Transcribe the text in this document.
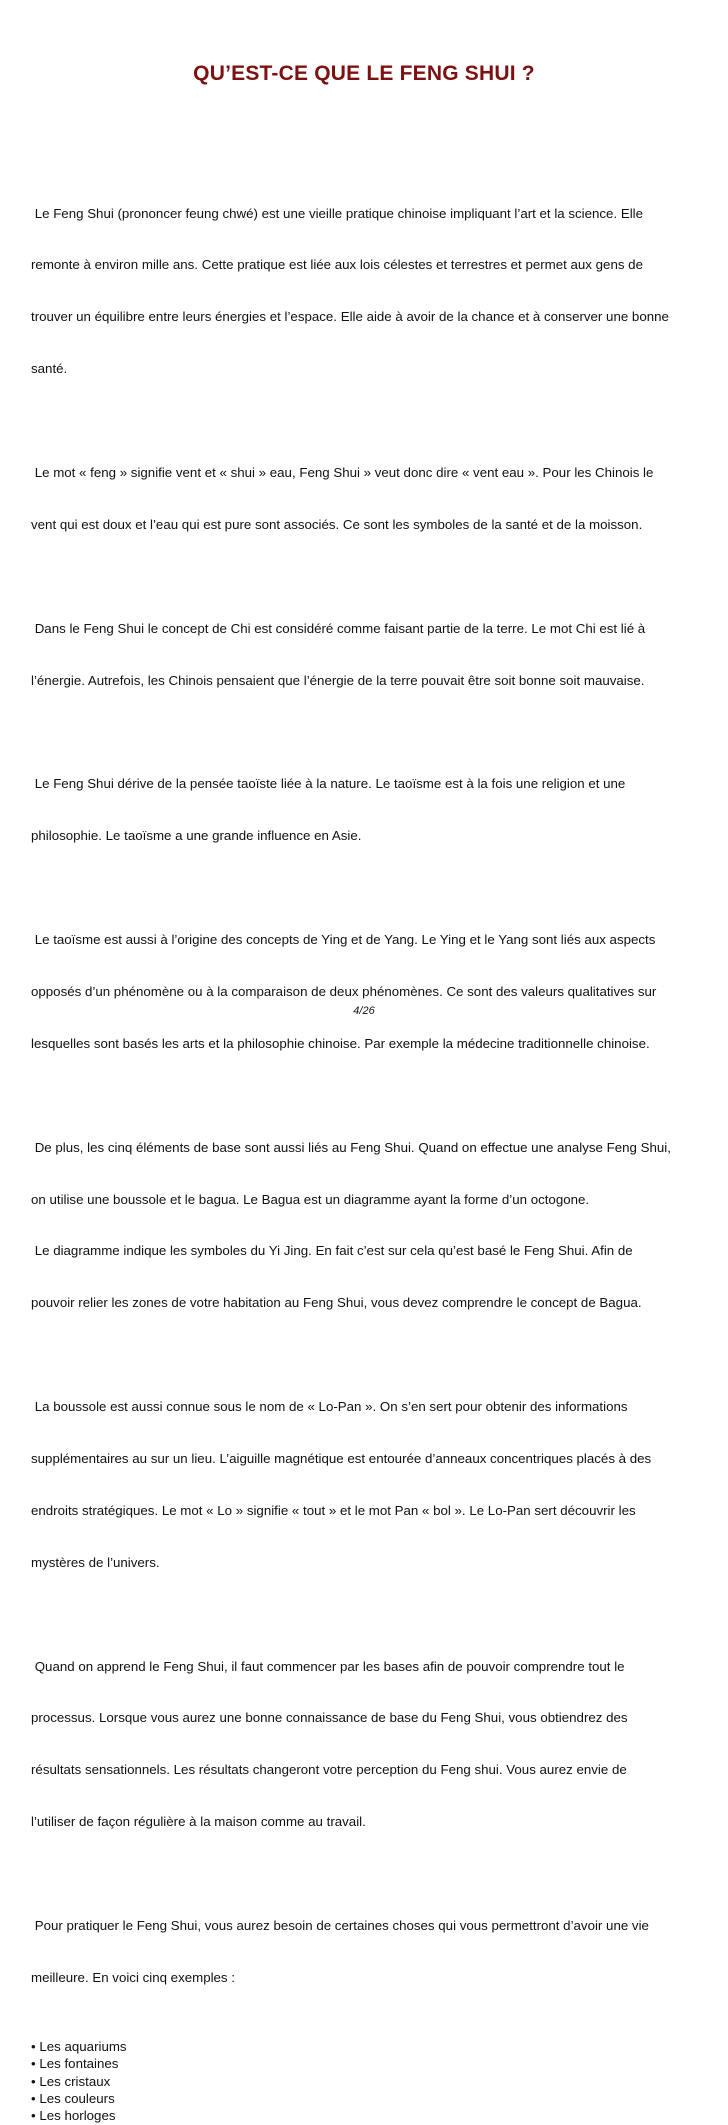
QU’EST-CE QUE LE FENG SHUI ?

Le Feng Shui (prononcer feung chwé) est une vieille pratique chinoise impliquant l’art et la science. Elle

remonte à environ mille ans. Cette pratique est liée aux lois célestes et terrestres et permet aux gens de

trouver un équilibre entre leurs énergies et l’espace. Elle aide à avoir de la chance et à conserver une bonne

santé.

Le mot « feng » signifie vent et « shui » eau, Feng Shui » veut donc dire « vent eau ». Pour les Chinois le

vent qui est doux et l’eau qui est pure sont associés. Ce sont les symboles de la santé et de la moisson.

Dans le Feng Shui le concept de Chi est considéré comme faisant partie de la terre. Le mot Chi est lié à

l’énergie. Autrefois, les Chinois pensaient que l’énergie de la terre pouvait être soit bonne soit mauvaise.

Le Feng Shui dérive de la pensée taoïste liée à la nature. Le taoïsme est à la fois une religion et une

philosophie. Le taoïsme a une grande influence en Asie.

Le taoïsme est aussi à l’origine des concepts de Ying et de Yang. Le Ying et le Yang sont liés aux aspects

opposés d’un phénomène ou à la comparaison de deux phénomènes. Ce sont des valeurs qualitatives sur

lesquelles sont basés les arts et la philosophie chinoise. Par exemple la médecine traditionnelle chinoise.

De plus, les cinq éléments de base sont aussi liés au Feng Shui. Quand on effectue une analyse Feng Shui,

on utilise une boussole et le bagua. Le Bagua est un diagramme ayant la forme d’un octogone.

Le diagramme indique les symboles du Yi Jing. En fait c’est sur cela qu’est basé le Feng Shui. Afin de

pouvoir relier les zones de votre habitation au Feng Shui, vous devez comprendre le concept de Bagua.

La boussole est aussi connue sous le nom de « Lo-Pan ». On s’en sert pour obtenir des informations

supplémentaires au sur un lieu. L’aiguille magnétique est entourée d’anneaux concentriques placés à des

endroits stratégiques. Le mot « Lo » signifie « tout » et le mot Pan « bol ». Le Lo-Pan sert découvrir les

mystères de l’univers.

Quand on apprend le Feng Shui, il faut commencer par les bases afin de pouvoir comprendre tout le

processus. Lorsque vous aurez une bonne connaissance de base du Feng Shui, vous obtiendrez des

résultats sensationnels. Les résultats changeront votre perception du Feng shui. Vous aurez envie de

l’utiliser de façon régulière à la maison comme au travail.

Pour pratiquer le Feng Shui, vous aurez besoin de certaines choses qui vous permettront d’avoir une vie

meilleure. En voici cinq exemples :

• Les aquariums
• Les fontaines
• Les cristaux
• Les couleurs
• Les horloges
4/26
